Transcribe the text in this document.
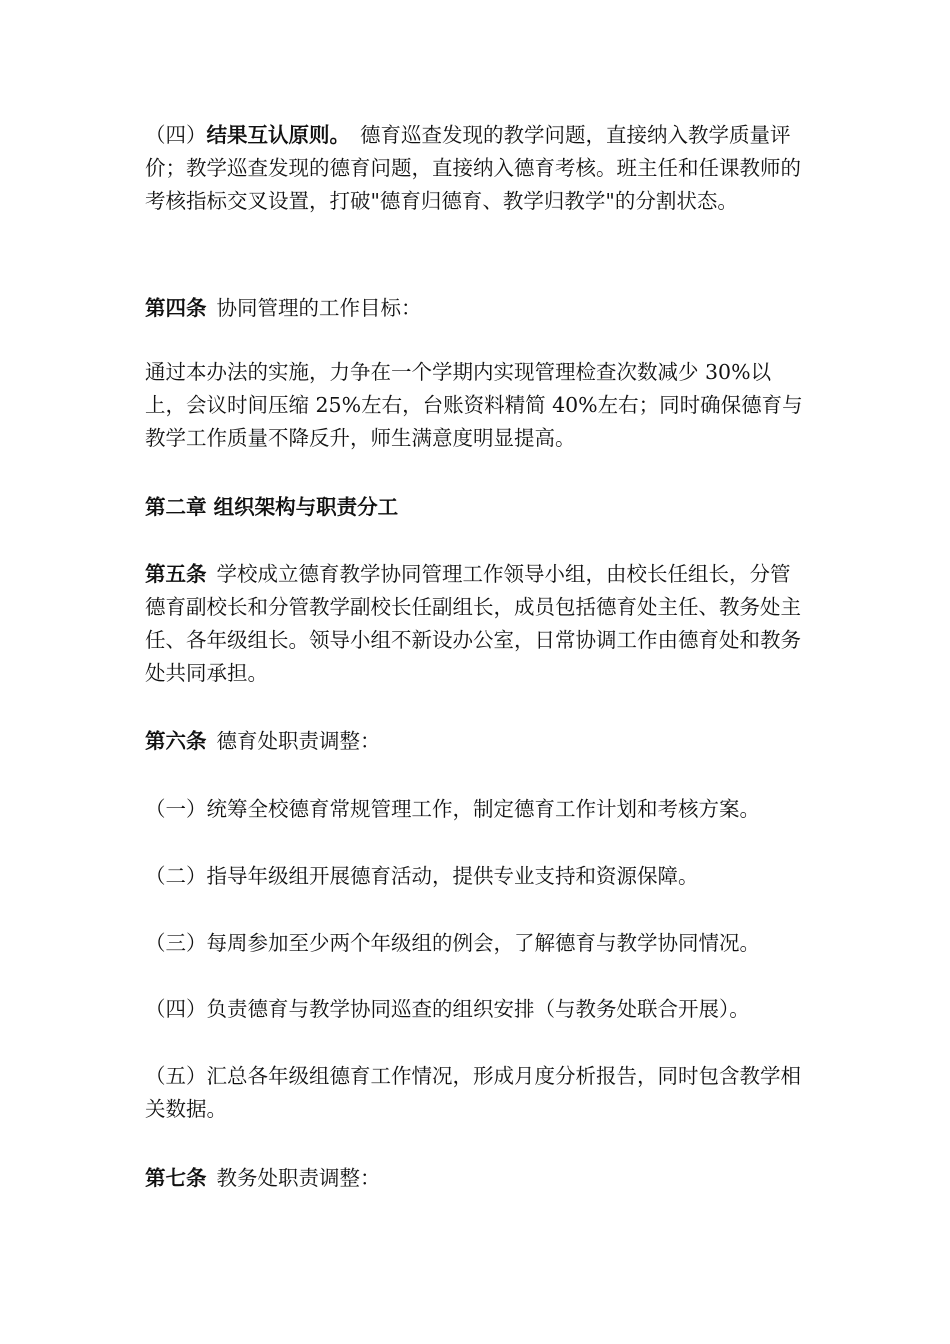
（四）结果互认原则。 德育巡查发现的教学问题，直接纳入教学质量评价；教学巡查发现的德育问题，直接纳入德育考核。班主任和任课教师的考核指标交叉设置，打破"德育归德育、教学归教学"的分割状态。
第四条 协同管理的工作目标：
通过本办法的实施，力争在一个学期内实现管理检查次数减少 30%以上，会议时间压缩 25%左右，台账资料精简 40%左右；同时确保德育与教学工作质量不降反升，师生满意度明显提高。
第二章 组织架构与职责分工
第五条 学校成立德育教学协同管理工作领导小组，由校长任组长，分管德育副校长和分管教学副校长任副组长，成员包括德育处主任、教务处主任、各年级组长。领导小组不新设办公室，日常协调工作由德育处和教务处共同承担。
第六条 德育处职责调整：
（一）统筹全校德育常规管理工作，制定德育工作计划和考核方案。
（二）指导年级组开展德育活动，提供专业支持和资源保障。
（三）每周参加至少两个年级组的例会，了解德育与教学协同情况。
（四）负责德育与教学协同巡查的组织安排（与教务处联合开展）。
（五）汇总各年级组德育工作情况，形成月度分析报告，同时包含教学相关数据。
第七条 教务处职责调整：
